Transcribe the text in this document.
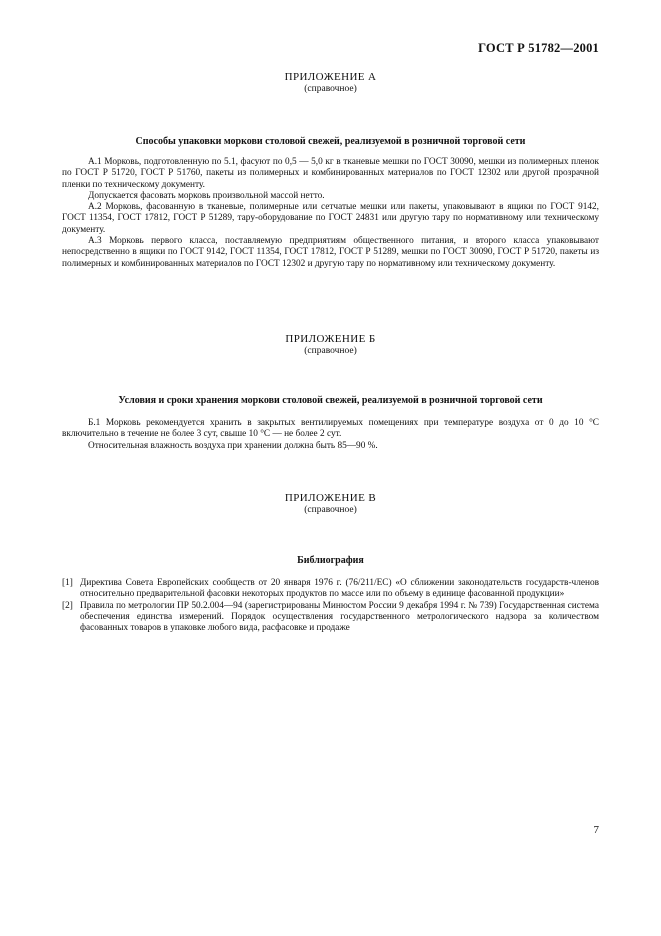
ГОСТ Р 51782—2001
ПРИЛОЖЕНИЕ А
(справочное)
Способы упаковки моркови столовой свежей, реализуемой в розничной торговой сети

А.1 Морковь, подготовленную по 5.1, фасуют по 0,5 — 5,0 кг в тканевые мешки по ГОСТ 30090, мешки из полимерных пленок по ГОСТ Р 51720, ГОСТ Р 51760, пакеты из полимерных и комбинированных материалов по ГОСТ 12302 или другой прозрачной пленки по техническому документу.

Допускается фасовать морковь произвольной массой нетто.

А.2 Морковь, фасованную в тканевые, полимерные или сетчатые мешки или пакеты, упаковывают в ящики по ГОСТ 9142, ГОСТ 11354, ГОСТ 17812, ГОСТ Р 51289, тару-оборудование по ГОСТ 24831 или другую тару по нормативному или техническому документу.

А.3 Морковь первого класса, поставляемую предприятиям общественного питания, и второго класса упаковывают непосредственно в ящики по ГОСТ 9142, ГОСТ 11354, ГОСТ 17812, ГОСТ Р 51289, мешки по ГОСТ 30090, ГОСТ Р 51720, пакеты из полимерных и комбинированных материалов по ГОСТ 12302 и другую тару по нормативному или техническому документу.

ПРИЛОЖЕНИЕ Б
(справочное)
Условия и сроки хранения моркови столовой свежей, реализуемой в розничной торговой сети

Б.1 Морковь рекомендуется хранить в закрытых вентилируемых помещениях при температуре воздуха от 0 до 10 °С включительно в течение не более 3 сут, свыше 10 °С — не более 2 сут.

Относительная влажность воздуха при хранении должна быть 85—90 %.

ПРИЛОЖЕНИЕ В
(справочное)
Библиография
[1] Директива Совета Европейских сообществ от 20 января 1976 г. (76/211/ЕС) «О сближении законодательств государств-членов относительно предварительной фасовки некоторых продуктов по массе или по объему в единице фасованной продукции»
[2] Правила по метрологии ПР 50.2.004—94 (зарегистрированы Минюстом России 9 декабря 1994 г. № 739) Государственная система обеспечения единства измерений. Порядок осуществления государственного метрологического надзора за количеством фасованных товаров в упаковке любого вида, расфасовке и продаже
7
